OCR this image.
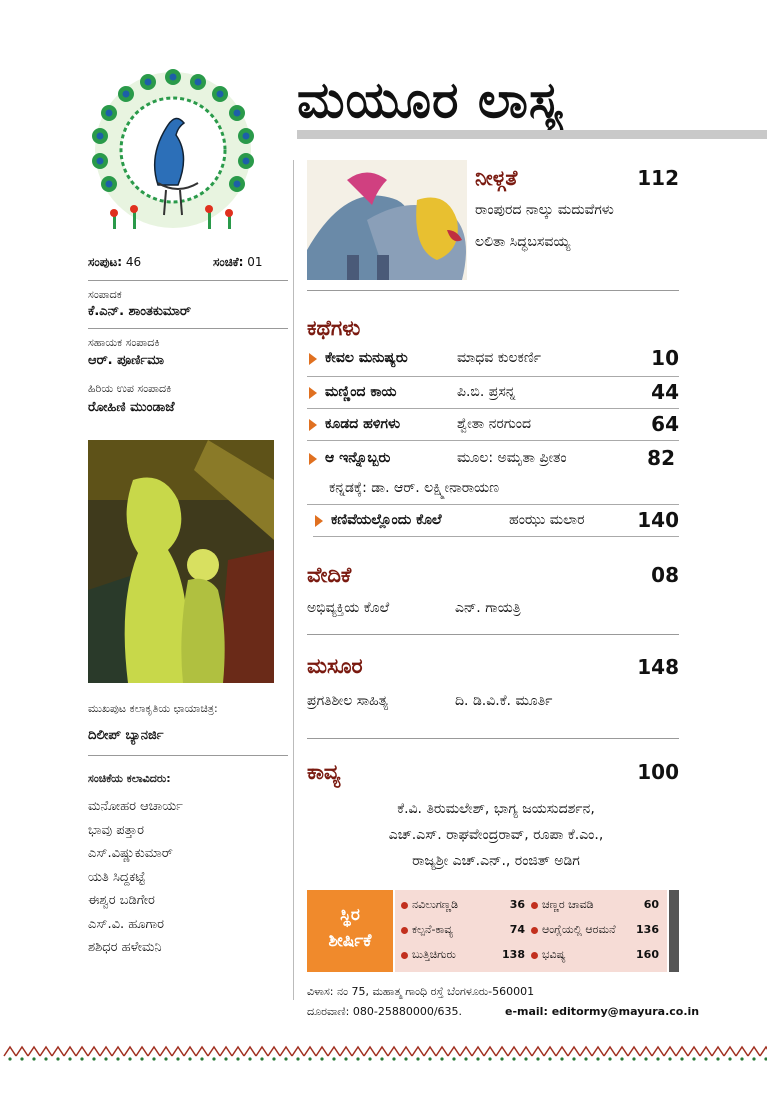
ಮಯೂರ ಲಾಸ್ಯ
ಸಂಪುಟ: 46	ಸಂಚಿಕೆ: 01
ಸಂಪಾದಕ
ಕೆ.ಎನ್. ಶಾಂತಕುಮಾರ್
ಸಹಾಯಕ ಸಂಪಾದಕಿ
ಆರ್. ಪೂರ್ಣಿಮಾ
ಹಿರಿಯ ಉಪ ಸಂಪಾದಕಿ
ರೋಹಿಣಿ ಮುಂಡಾಜೆ
ಮುಖಪುಟ ಕಲಾಕೃತಿಯ ಛಾಯಾಚಿತ್ರ:
ದಿಲೀಪ್ ಬ್ಯಾನರ್ಜಿ
ಸಂಚಿಕೆಯ ಕಲಾವಿದರು:
ಮನೋಹರ ಆಚಾರ್ಯ
ಭಾವು ಪತ್ತಾರ
ಎಸ್.ವಿಷ್ಣುಕುಮಾರ್
ಯತಿ ಸಿದ್ದಕಟ್ಟೆ
ಈಶ್ವರ ಬಡಿಗೇರ
ಎಸ್.ವಿ. ಹೂಗಾರ
ಶಶಿಧರ ಹಳೇಮನಿ
ನೀಳ್ಗತೆ	112
ರಾಂಪುರದ ನಾಲ್ಕು ಮದುವೆಗಳು
ಲಲಿತಾ ಸಿದ್ಧಬಸವಯ್ಯ
ಕಥೆಗಳು
ಕೇವಲ ಮನುಷ್ಯರು	ಮಾಧವ ಕುಲಕರ್ಣಿ	10
ಮಣ್ಣಿಂದ ಕಾಯ	ಪಿ.ಬಿ. ಪ್ರಸನ್ನ	44
ಕೂಡದ ಹಳಿಗಳು	ಶ್ವೇತಾ ನರಗುಂದ	64
ಆ ಇನ್ನೊಬ್ಬರು	ಮೂಲ: ಅಮೃತಾ ಪ್ರೀತಂ	82
ಕನ್ನಡಕ್ಕೆ: ಡಾ. ಆರ್. ಲಕ್ಷ್ಮೀನಾರಾಯಣ
ಕಣಿವೆಯಲ್ಲೊಂದು ಕೊಲೆ	ಹಂಝು ಮಲಾರ	140
ವೇದಿಕೆ	08
ಅಭಿವ್ಯಕ್ತಿಯ ಕೊಲೆ	ಎನ್. ಗಾಯತ್ರಿ
ಮಸೂರ	148
ಪ್ರಗತಿಶೀಲ ಸಾಹಿತ್ಯ	ದಿ. ಡಿ.ವಿ.ಕೆ. ಮೂರ್ತಿ
ಕಾವ್ಯ	100
ಕೆ.ವಿ. ತಿರುಮಲೇಶ್, ಭಾಗ್ಯ ಜಯಸುದರ್ಶನ,
ಎಚ್.ಎಸ್. ರಾಘವೇಂದ್ರರಾವ್, ರೂಪಾ ಕೆ.ಎಂ.,
ರಾಜ್ಯಶ್ರೀ ಎಚ್.ಎನ್., ರಂಜಿತ್ ಅಡಿಗ
ಸ್ಥಿರ
ಶೀರ್ಷಿಕೆ
ನವಿಲುಗಣ್ಣಡಿ	36 ಚಣ್ಣರ ಚಾವಡಿ	60
ಕಲ್ಪನೆ-ಕಾವ್ಯ	74 ಆಂಗ್ಲೆಯಲ್ಲಿ ಆರಮನೆ	136
ಬುತ್ತಿಚಿಗುರು	138 ಭವಿಷ್ಯ	160
ವಿಳಾಸ: ನಂ 75, ಮಹಾತ್ಮ ಗಾಂಧಿ ರಸ್ತೆ ಬೆಂಗಳೂರು-560001
ದೂರವಾಣಿ: 080-25880000/635.	e-mail: editormy@mayura.co.in
